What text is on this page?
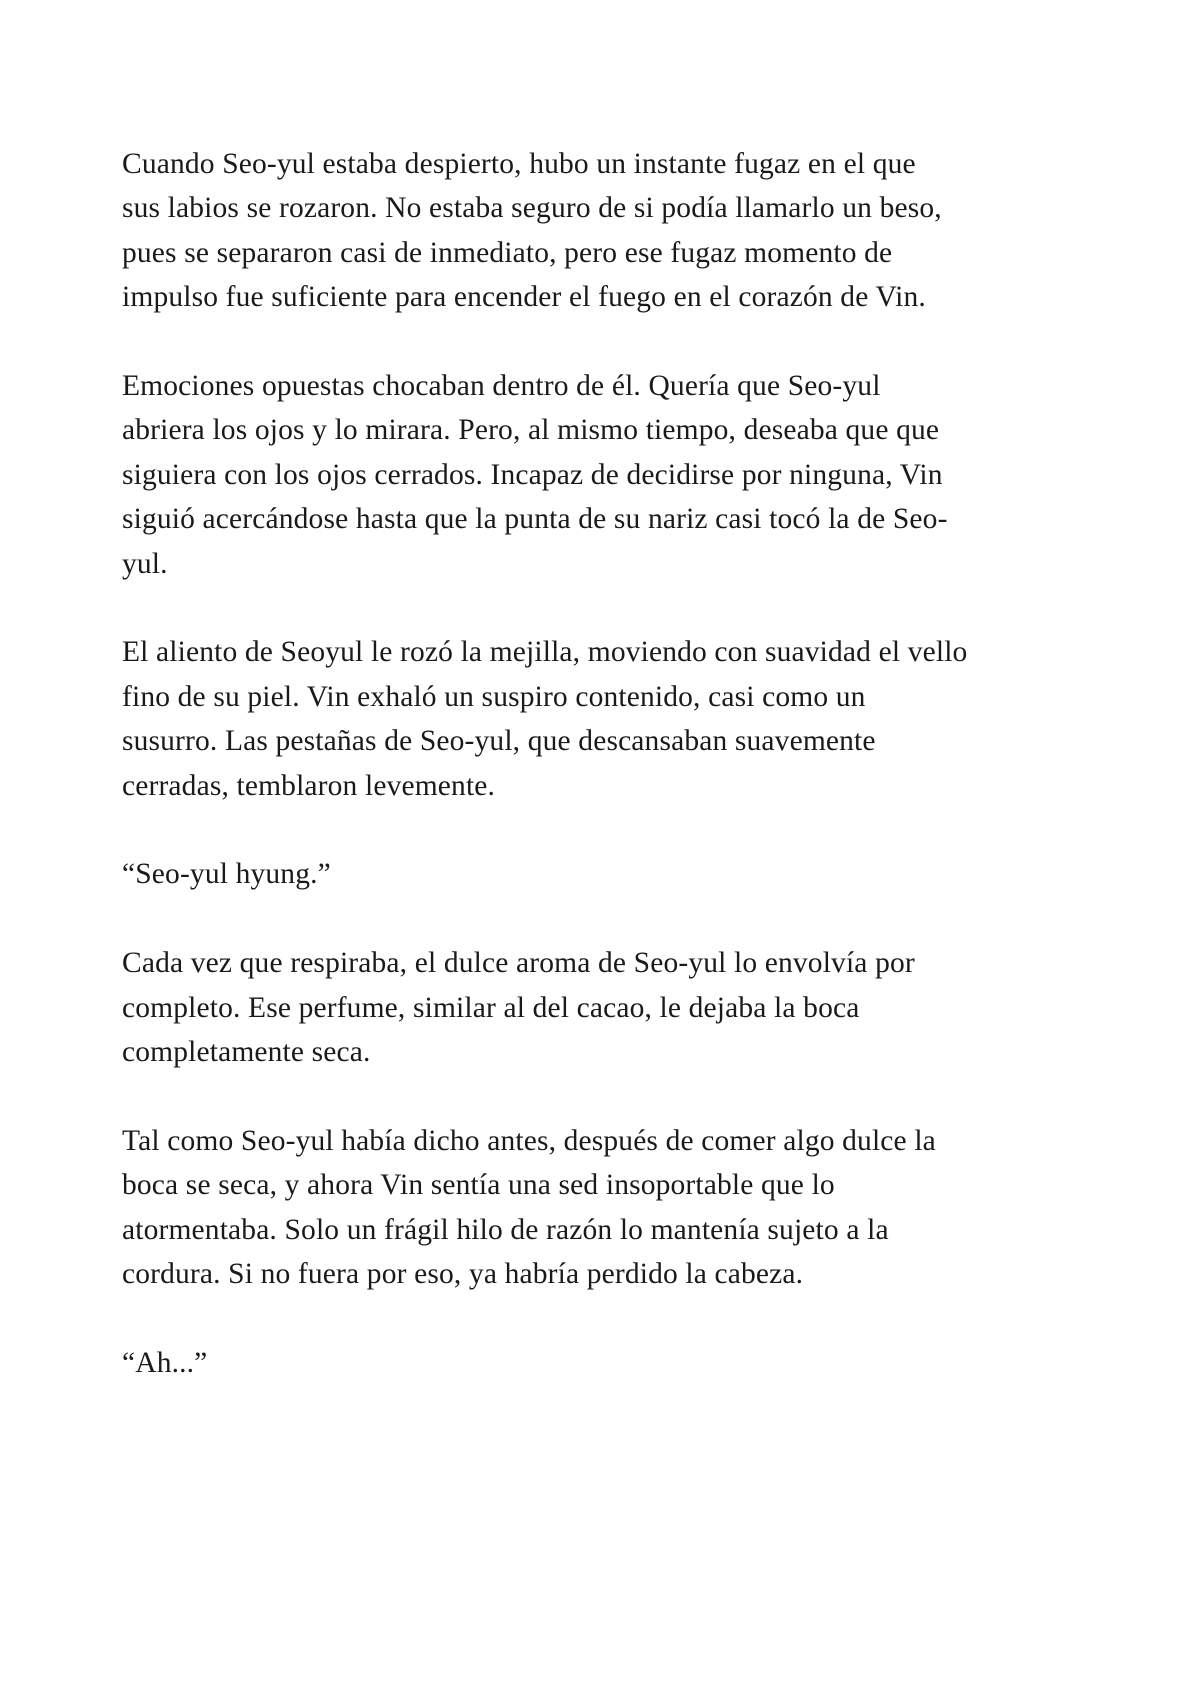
Cuando Seo-yul estaba despierto, hubo un instante fugaz en el que
sus labios se rozaron. No estaba seguro de si podía llamarlo un beso,
pues se separaron casi de inmediato, pero ese fugaz momento de
impulso fue suficiente para encender el fuego en el corazón de Vin.

Emociones opuestas chocaban dentro de él. Quería que Seo-yul
abriera los ojos y lo mirara. Pero, al mismo tiempo, deseaba que que
siguiera con los ojos cerrados. Incapaz de decidirse por ninguna, Vin
siguió acercándose hasta que la punta de su nariz casi tocó la de Seo-
yul.

El aliento de Seoyul le rozó la mejilla, moviendo con suavidad el vello
fino de su piel. Vin exhaló un suspiro contenido, casi como un
susurro. Las pestañas de Seo-yul, que descansaban suavemente
cerradas, temblaron levemente.

“Seo-yul hyung.”

Cada vez que respiraba, el dulce aroma de Seo-yul lo envolvía por
completo. Ese perfume, similar al del cacao, le dejaba la boca
completamente seca.

Tal como Seo-yul había dicho antes, después de comer algo dulce la
boca se seca, y ahora Vin sentía una sed insoportable que lo
atormentaba. Solo un frágil hilo de razón lo mantenía sujeto a la
cordura. Si no fuera por eso, ya habría perdido la cabeza.

“Ah...”
